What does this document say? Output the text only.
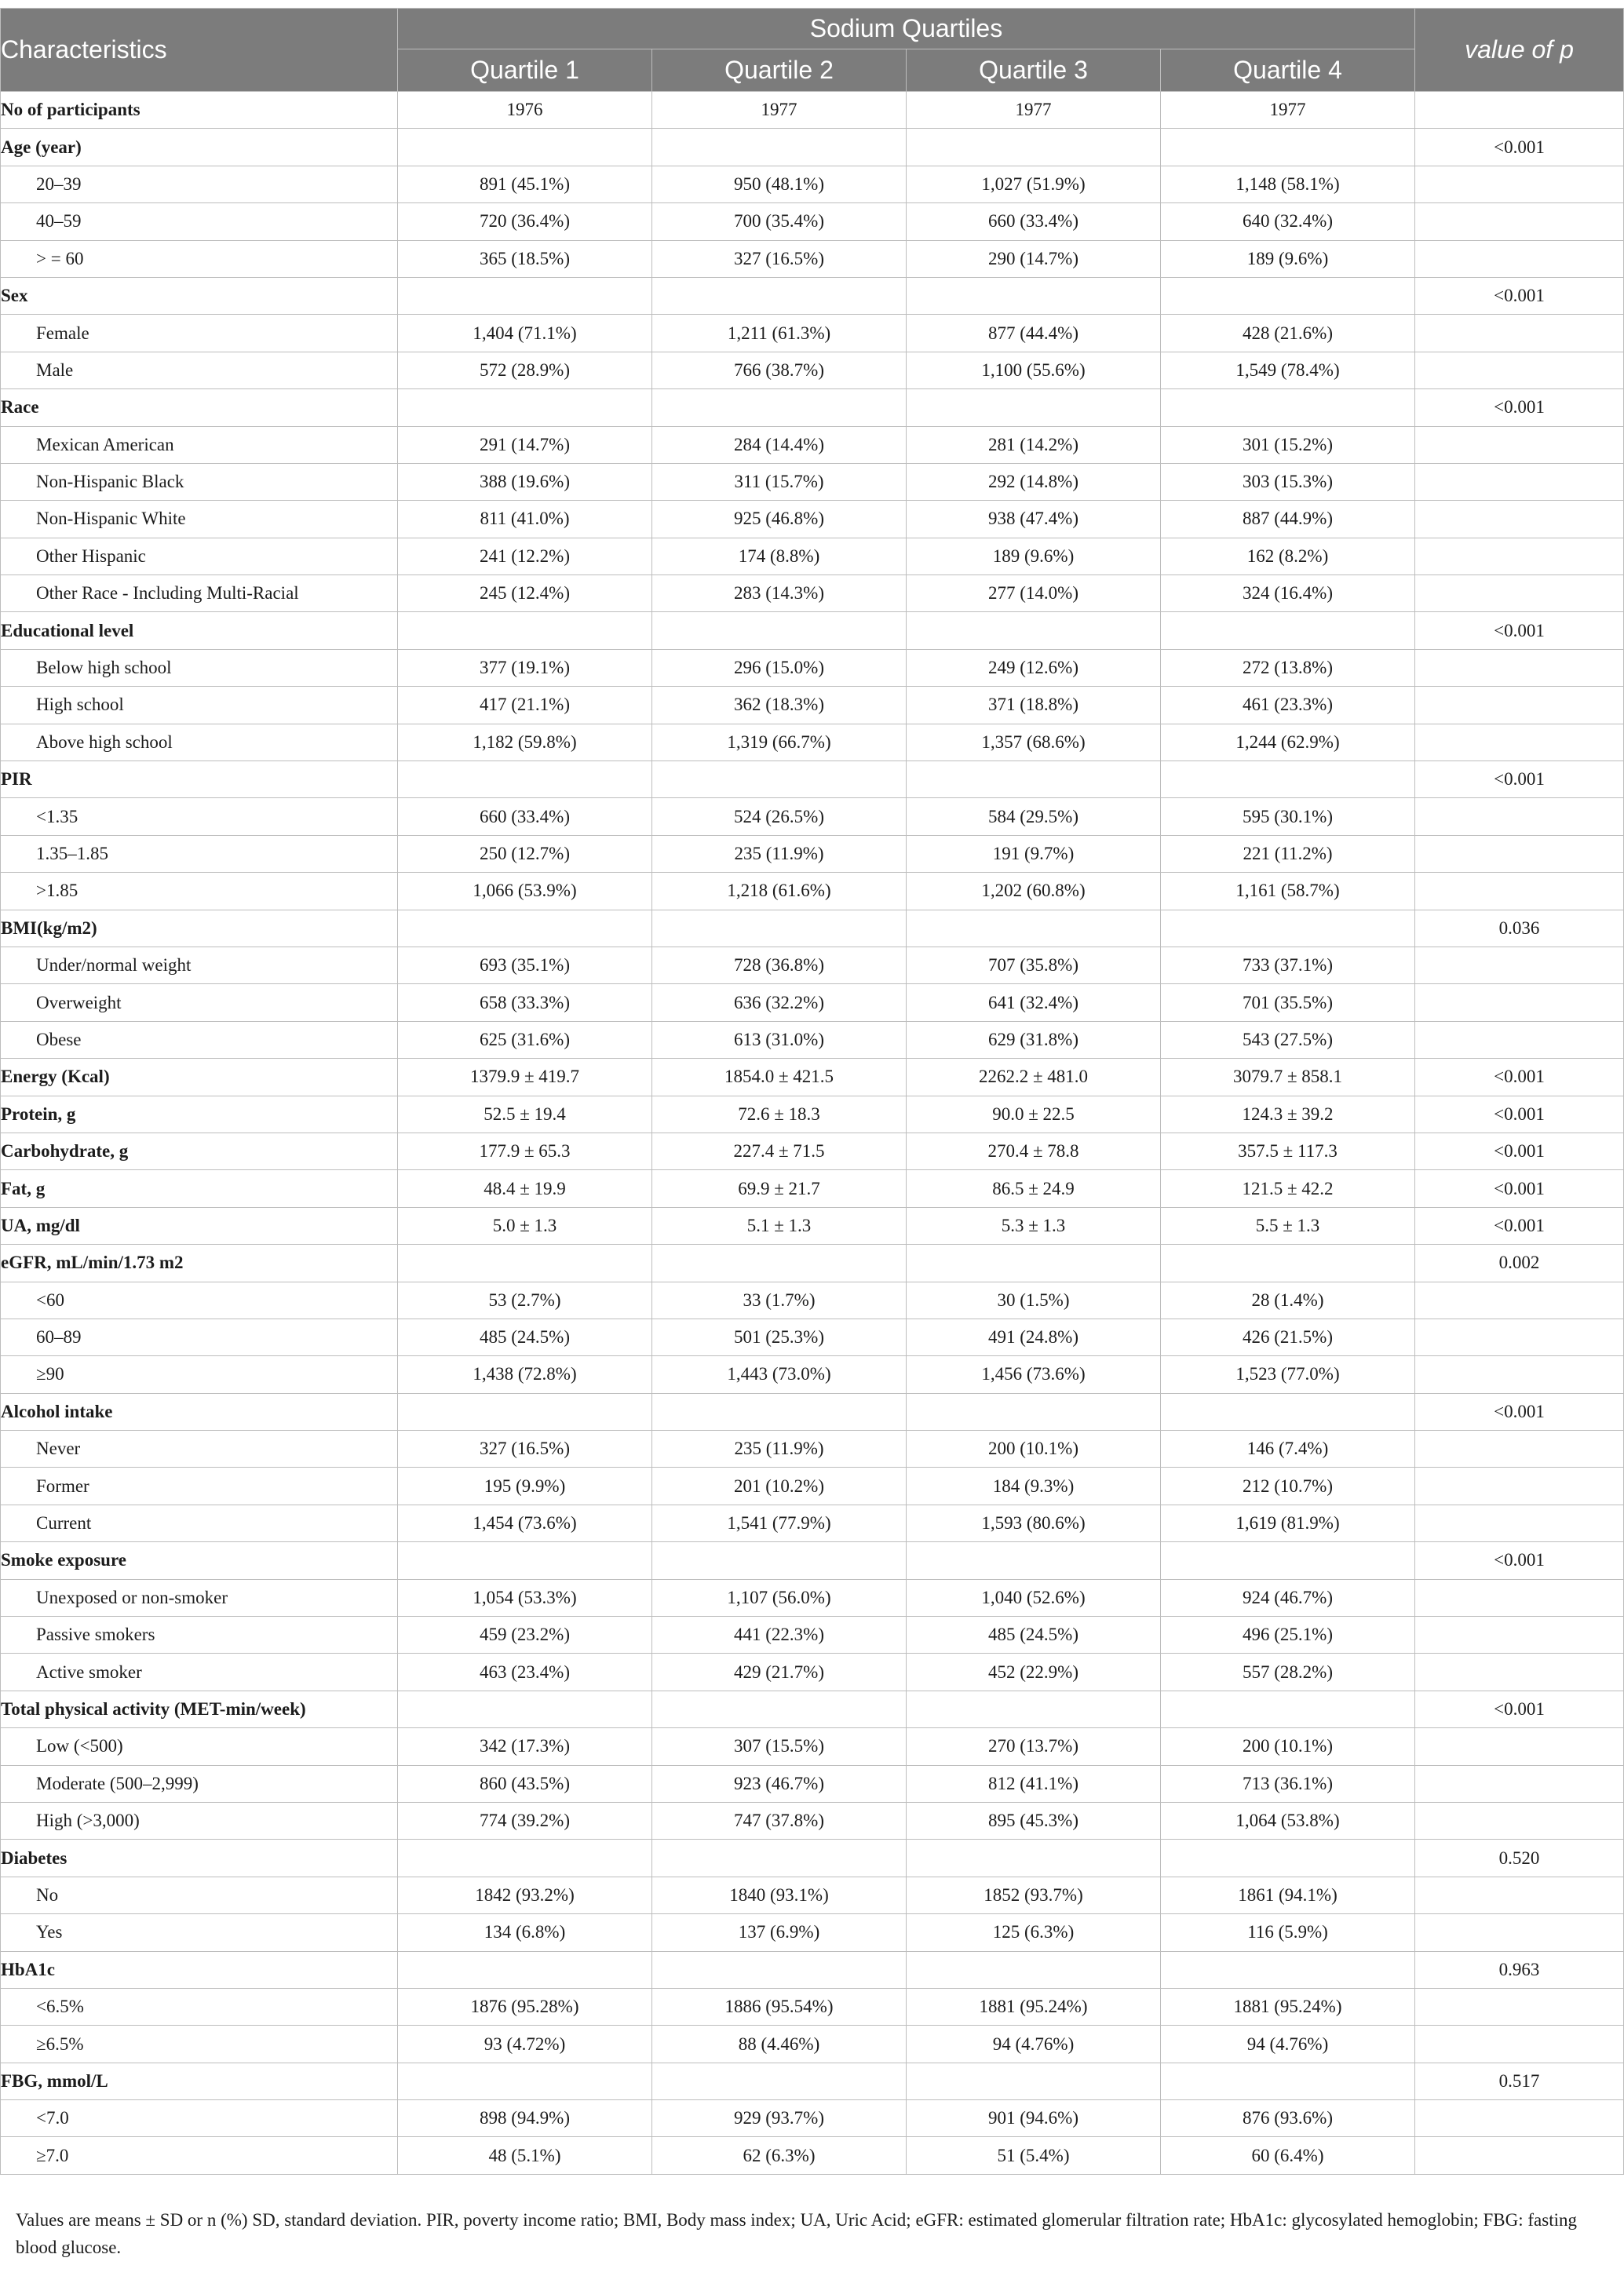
Characteristics	Sodium Quartiles				value of p
	Quartile 1	Quartile 2	Quartile 3	Quartile 4	
No of participants	1976	1977	1977	1977	
Age (year)					<0.001
20–39	891 (45.1%)	950 (48.1%)	1,027 (51.9%)	1,148 (58.1%)	
40–59	720 (36.4%)	700 (35.4%)	660 (33.4%)	640 (32.4%)	
> = 60	365 (18.5%)	327 (16.5%)	290 (14.7%)	189 (9.6%)	
Sex					<0.001
Female	1,404 (71.1%)	1,211 (61.3%)	877 (44.4%)	428 (21.6%)	
Male	572 (28.9%)	766 (38.7%)	1,100 (55.6%)	1,549 (78.4%)	
Race					<0.001
Mexican American	291 (14.7%)	284 (14.4%)	281 (14.2%)	301 (15.2%)	
Non-Hispanic Black	388 (19.6%)	311 (15.7%)	292 (14.8%)	303 (15.3%)	
Non-Hispanic White	811 (41.0%)	925 (46.8%)	938 (47.4%)	887 (44.9%)	
Other Hispanic	241 (12.2%)	174 (8.8%)	189 (9.6%)	162 (8.2%)	
Other Race - Including Multi-Racial	245 (12.4%)	283 (14.3%)	277 (14.0%)	324 (16.4%)	
Educational level					<0.001
Below high school	377 (19.1%)	296 (15.0%)	249 (12.6%)	272 (13.8%)	
High school	417 (21.1%)	362 (18.3%)	371 (18.8%)	461 (23.3%)	
Above high school	1,182 (59.8%)	1,319 (66.7%)	1,357 (68.6%)	1,244 (62.9%)	
PIR					<0.001
<1.35	660 (33.4%)	524 (26.5%)	584 (29.5%)	595 (30.1%)	
1.35–1.85	250 (12.7%)	235 (11.9%)	191 (9.7%)	221 (11.2%)	
>1.85	1,066 (53.9%)	1,218 (61.6%)	1,202 (60.8%)	1,161 (58.7%)	
BMI(kg/m2)					0.036
Under/normal weight	693 (35.1%)	728 (36.8%)	707 (35.8%)	733 (37.1%)	
Overweight	658 (33.3%)	636 (32.2%)	641 (32.4%)	701 (35.5%)	
Obese	625 (31.6%)	613 (31.0%)	629 (31.8%)	543 (27.5%)	
Energy (Kcal)	1379.9 ± 419.7	1854.0 ± 421.5	2262.2 ± 481.0	3079.7 ± 858.1	<0.001
Protein, g	52.5 ± 19.4	72.6 ± 18.3	90.0 ± 22.5	124.3 ± 39.2	<0.001
Carbohydrate, g	177.9 ± 65.3	227.4 ± 71.5	270.4 ± 78.8	357.5 ± 117.3	<0.001
Fat, g	48.4 ± 19.9	69.9 ± 21.7	86.5 ± 24.9	121.5 ± 42.2	<0.001
UA, mg/dl	5.0 ± 1.3	5.1 ± 1.3	5.3 ± 1.3	5.5 ± 1.3	<0.001
eGFR, mL/min/1.73 m2					0.002
<60	53 (2.7%)	33 (1.7%)	30 (1.5%)	28 (1.4%)	
60–89	485 (24.5%)	501 (25.3%)	491 (24.8%)	426 (21.5%)	
≥90	1,438 (72.8%)	1,443 (73.0%)	1,456 (73.6%)	1,523 (77.0%)	
Alcohol intake					<0.001
Never	327 (16.5%)	235 (11.9%)	200 (10.1%)	146 (7.4%)	
Former	195 (9.9%)	201 (10.2%)	184 (9.3%)	212 (10.7%)	
Current	1,454 (73.6%)	1,541 (77.9%)	1,593 (80.6%)	1,619 (81.9%)	
Smoke exposure					<0.001
Unexposed or non-smoker	1,054 (53.3%)	1,107 (56.0%)	1,040 (52.6%)	924 (46.7%)	
Passive smokers	459 (23.2%)	441 (22.3%)	485 (24.5%)	496 (25.1%)	
Active smoker	463 (23.4%)	429 (21.7%)	452 (22.9%)	557 (28.2%)	
Total physical activity (MET-min/week)					<0.001
Low (<500)	342 (17.3%)	307 (15.5%)	270 (13.7%)	200 (10.1%)	
Moderate (500–2,999)	860 (43.5%)	923 (46.7%)	812 (41.1%)	713 (36.1%)	
High (>3,000)	774 (39.2%)	747 (37.8%)	895 (45.3%)	1,064 (53.8%)	
Diabetes					0.520
No	1842 (93.2%)	1840 (93.1%)	1852 (93.7%)	1861 (94.1%)	
Yes	134 (6.8%)	137 (6.9%)	125 (6.3%)	116 (5.9%)	
HbA1c					0.963
<6.5%	1876 (95.28%)	1886 (95.54%)	1881 (95.24%)	1881 (95.24%)	
≥6.5%	93 (4.72%)	88 (4.46%)	94 (4.76%)	94 (4.76%)	
FBG, mmol/L					0.517
<7.0	898 (94.9%)	929 (93.7%)	901 (94.6%)	876 (93.6%)	
≥7.0	48 (5.1%)	62 (6.3%)	51 (5.4%)	60 (6.4%)	
Values are means ± SD or n (%) SD, standard deviation. PIR, poverty income ratio; BMI, Body mass index; UA, Uric Acid; eGFR: estimated glomerular filtration rate; HbA1c: glycosylated hemoglobin; FBG: fasting blood glucose.
